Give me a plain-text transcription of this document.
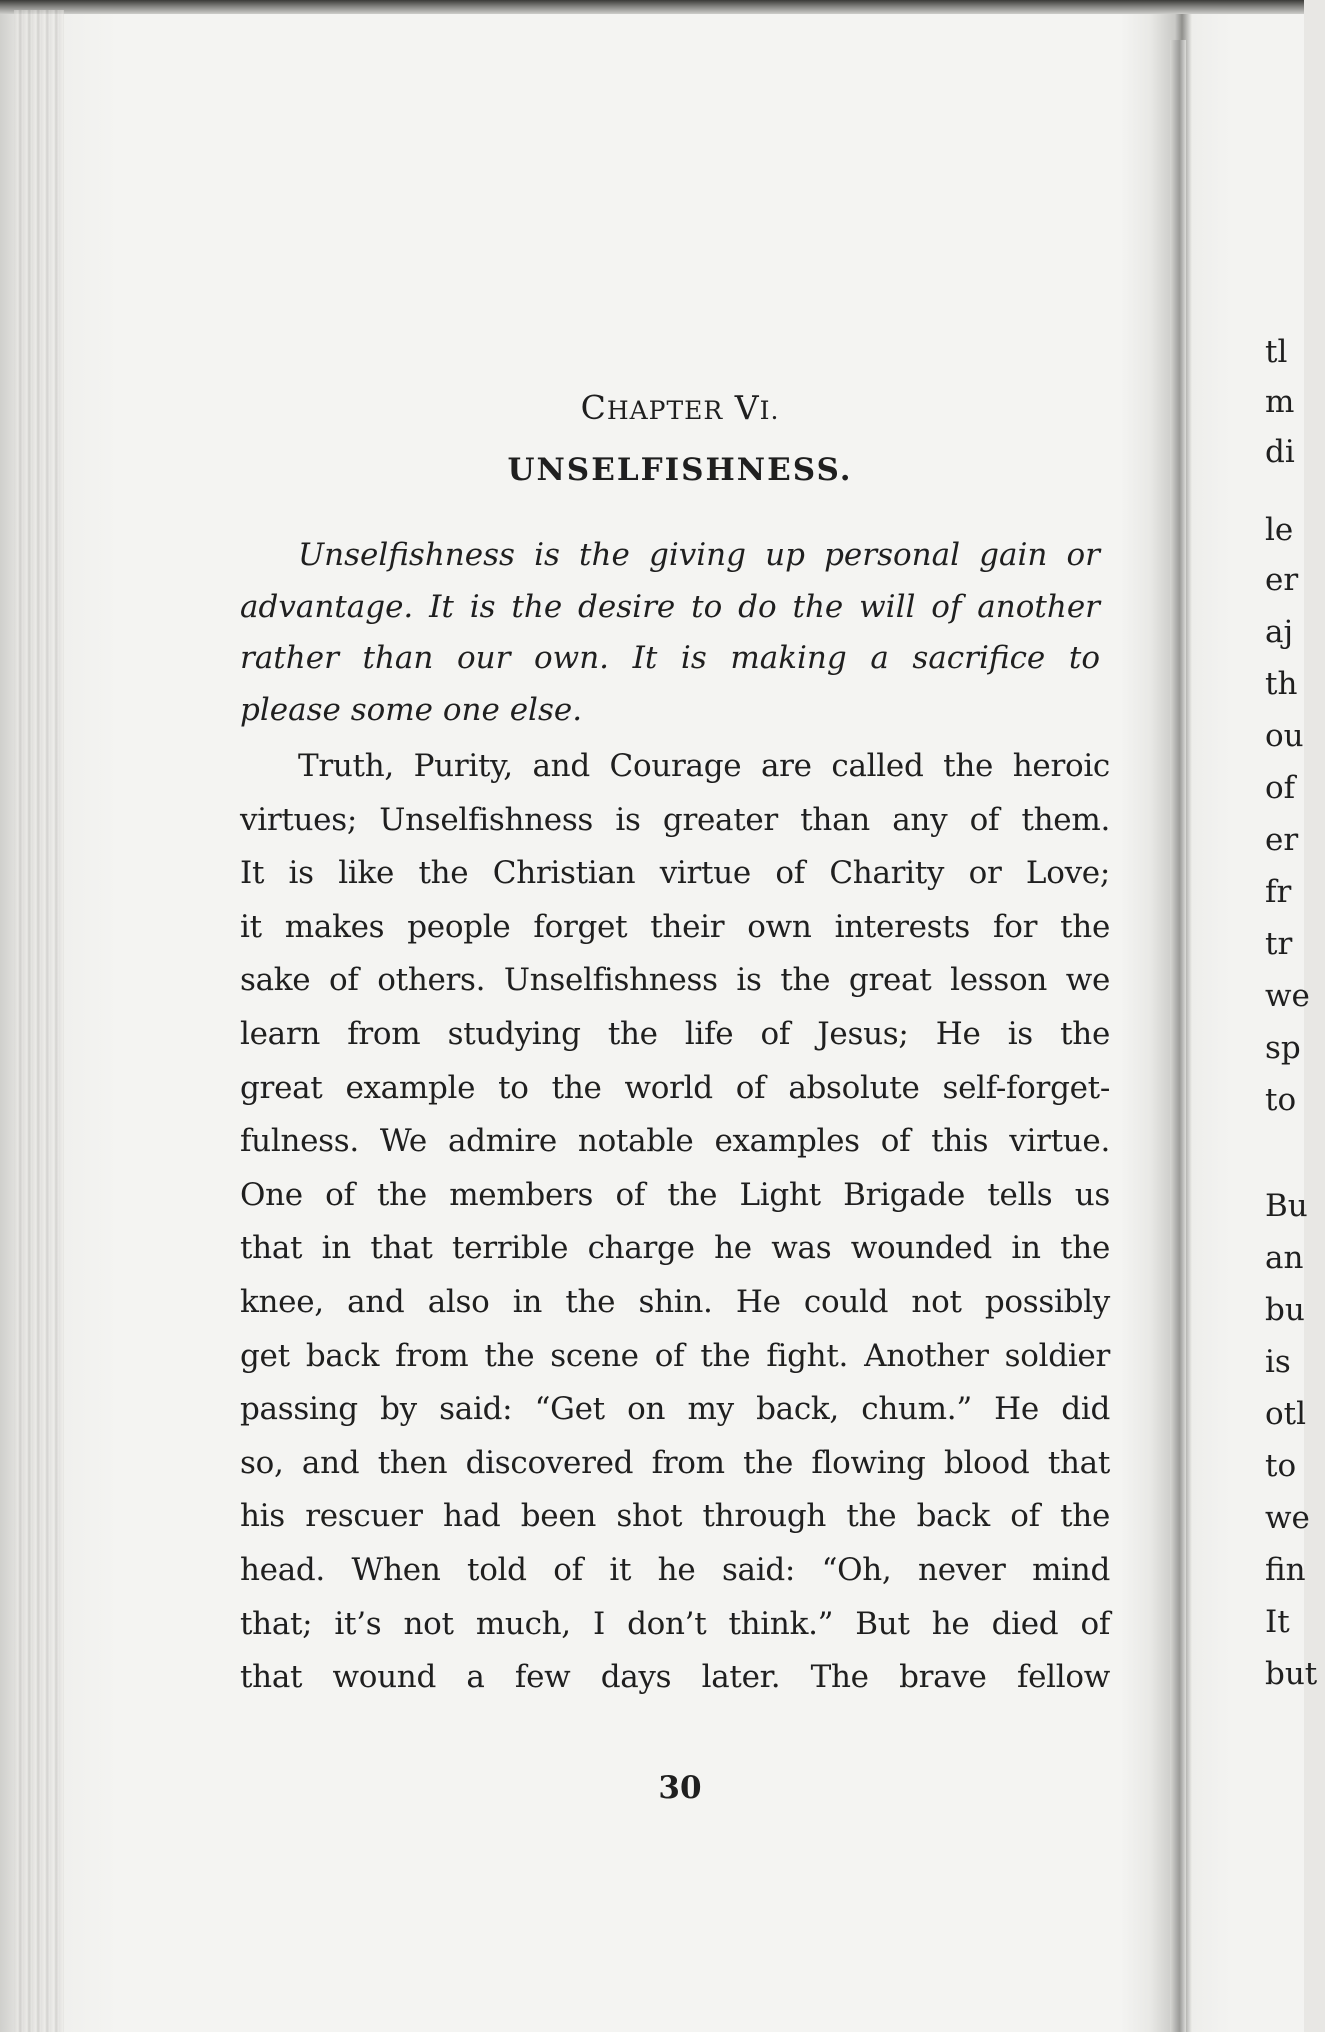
CHAPTER VI.
UNSELFISHNESS.
Unselfishness is the giving up personal gain or
advantage. It is the desire to do the will of another
rather than our own. It is making a sacrifice to
please some one else.
Truth, Purity, and Courage are called the heroic
virtues; Unselfishness is greater than any of them.
It is like the Christian virtue of Charity or Love;
it makes people forget their own interests for the
sake of others. Unselfishness is the great lesson we
learn from studying the life of Jesus; He is the
great example to the world of absolute self-forget-
fulness. We admire notable examples of this virtue.
One of the members of the Light Brigade tells us
that in that terrible charge he was wounded in the
knee, and also in the shin. He could not possibly
get back from the scene of the fight. Another soldier
passing by said: “Get on my back, chum.” He did
so, and then discovered from the flowing blood that
his rescuer had been shot through the back of the
head. When told of it he said: “Oh, never mind
that; it’s not much, I don’t think.” But he died of
that wound a few days later. The brave fellow
30
tl
m
di
le
er
aj
th
ou
of
er
fr
tr
we
sp
to
Bu
an
bu
is
otl
to
we
fin
It
but
